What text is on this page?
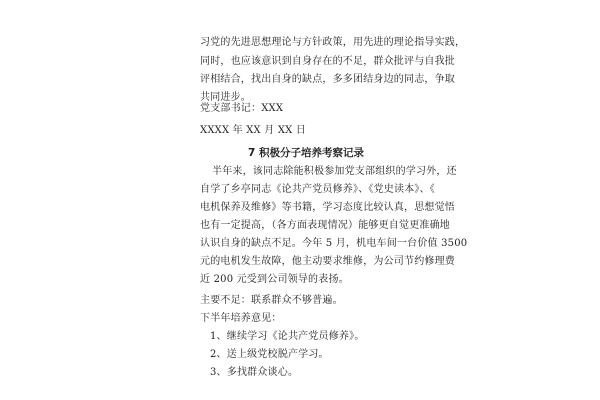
习党的先进思想理论与方针政策，用先进的理论指导实践，
同时，也应该意识到自身存在的不足，群众批评与自我批
评相结合，找出自身的缺点，多多团结身边的同志，争取
共同进步。
党支部书记：XXX
XXXX 年 XX 月 XX 日
7 积极分子培养考察记录
半年来，该同志除能积极参加党支部组织的学习外，还
自学了乡亭同志《论共产党员修养》、《党史读本》、《
电机保养及维修》等书籍，学习态度比较认真，思想觉悟
也有一定提高，（各方面表现情况）能够更自觉更准确地
认识自身的缺点不足。今年 5 月，机电车间一台价值 3500
元的电机发生故障，他主动要求维修，为公司节约修理费
近 200 元受到公司领导的表扬。
主要不足：联系群众不够普遍。
下半年培养意见：
1、继续学习《论共产党员修养》。
2、送上级党校脱产学习。
3、多找群众谈心。
